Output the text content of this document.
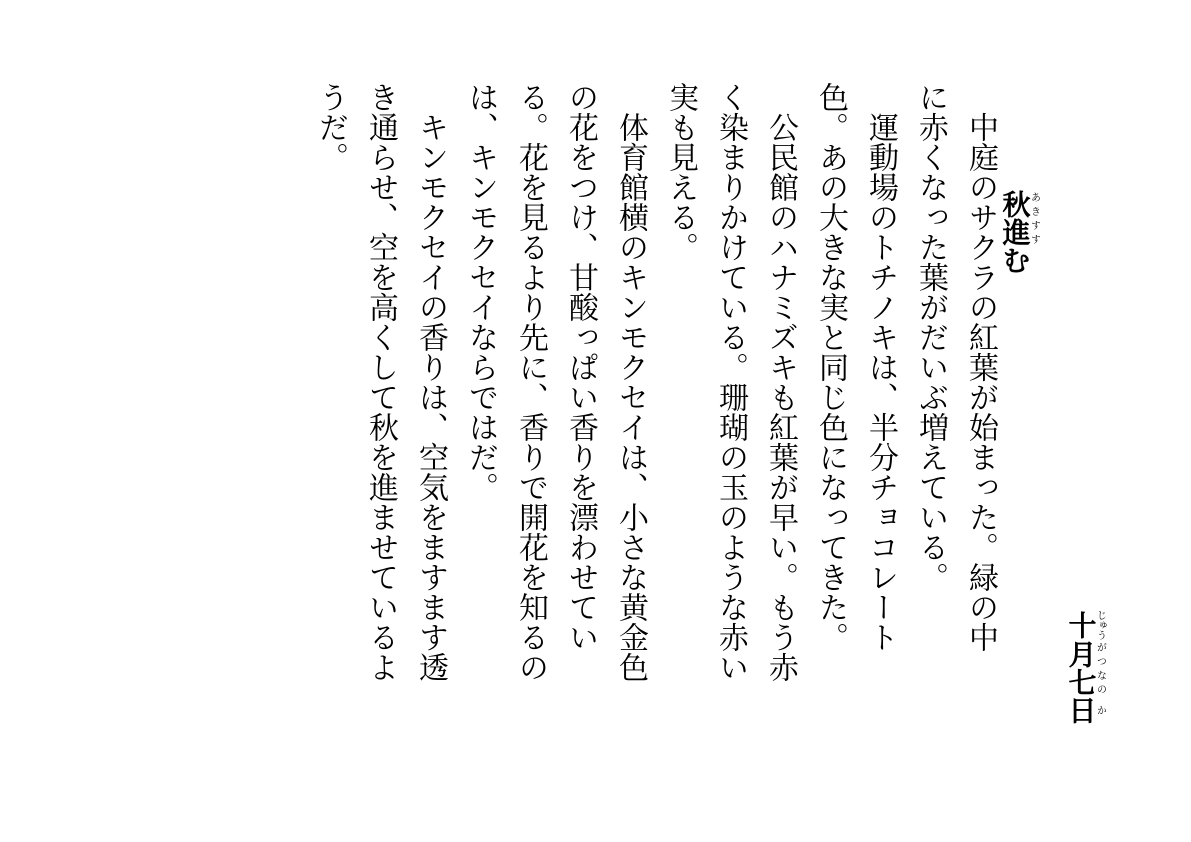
十じゅう月がつ七なの日か
秋あき進すすむ
中庭のサクラの紅葉が始まった。緑の中
に赤くなった葉がだいぶ増えている。
運動場のトチノキは、半分チョコレート
色。あの大きな実と同じ色になってきた。
公民館のハナミズキも紅葉が早い。もう赤
く染まりかけている。珊瑚の玉のような赤い
実も見える。
体育館横のキンモクセイは、小さな黄金色
の花をつけ、甘酸っぱい香りを漂わせてい
る。花を見るより先に、香りで開花を知るの
は、キンモクセイならではだ。
キンモクセイの香りは、空気をますます透
き通らせ、空を高くして秋を進ませているよ
うだ。
